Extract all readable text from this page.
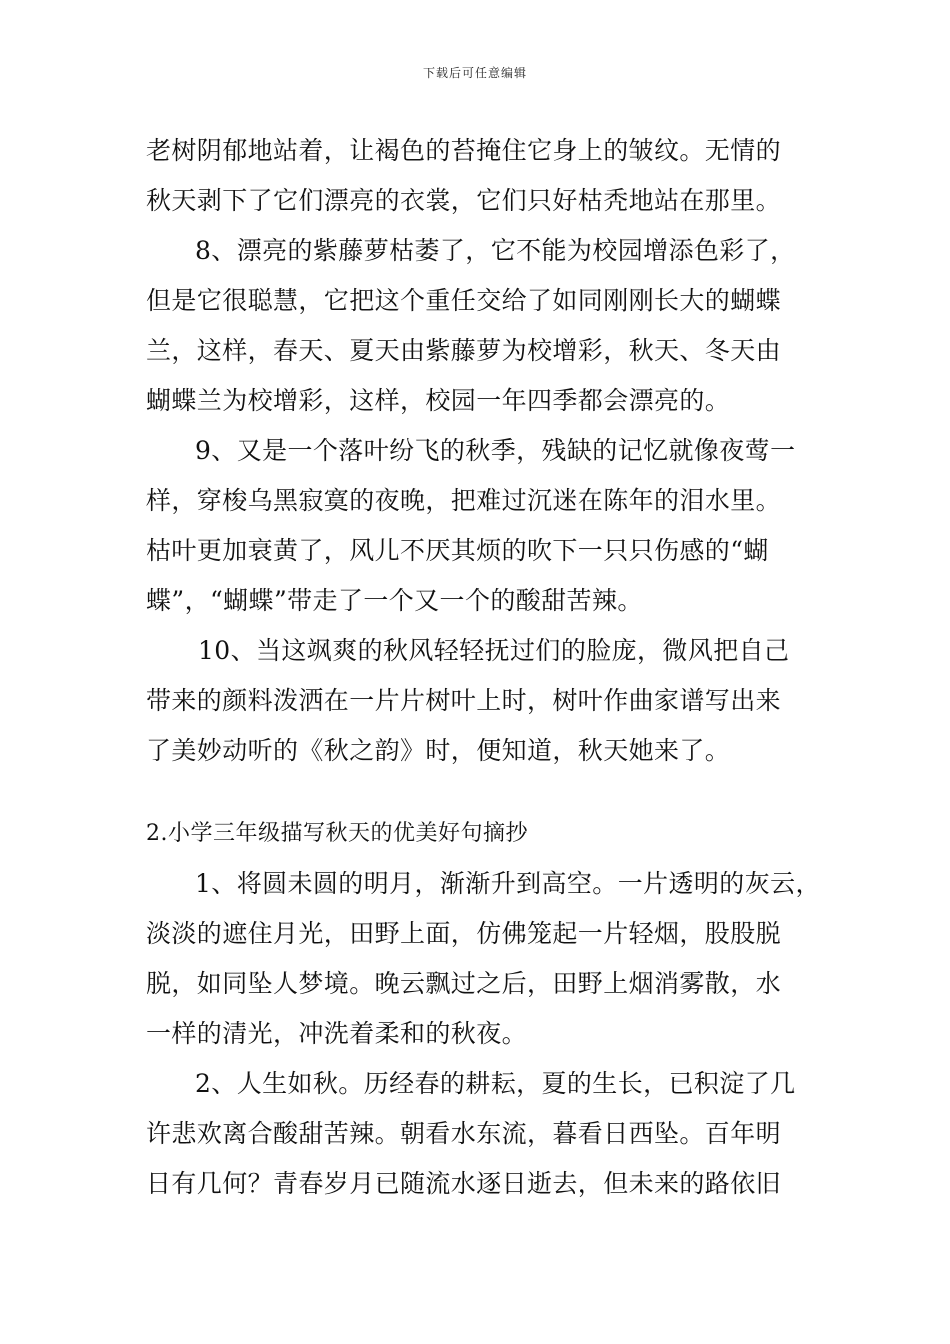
下载后可任意编辑
老树阴郁地站着，让褐色的苔掩住它身上的皱纹。无情的
秋天剥下了它们漂亮的衣裳，它们只好枯秃地站在那里。
8、漂亮的紫藤萝枯萎了，它不能为校园增添色彩了，
但是它很聪慧，它把这个重任交给了如同刚刚长大的蝴蝶
兰，这样，春天、夏天由紫藤萝为校增彩，秋天、冬天由
蝴蝶兰为校增彩，这样，校园一年四季都会漂亮的。
9、又是一个落叶纷飞的秋季，残缺的记忆就像夜莺一
样，穿梭乌黑寂寞的夜晚，把难过沉迷在陈年的泪水里。
枯叶更加衰黄了，风儿不厌其烦的吹下一只只伤感的“蝴
蝶”，“蝴蝶”带走了一个又一个的酸甜苦辣。
10、当这飒爽的秋风轻轻抚过们的脸庞，微风把自己
带来的颜料泼洒在一片片树叶上时，树叶作曲家谱写出来
了美妙动听的《秋之韵》时，便知道，秋天她来了。
2.小学三年级描写秋天的优美好句摘抄
1、将圆未圆的明月，渐渐升到高空。一片透明的灰云，
淡淡的遮住月光，田野上面，仿佛笼起一片轻烟，股股脱
脱，如同坠人梦境。晚云飘过之后，田野上烟消雾散，水
一样的清光，冲洗着柔和的秋夜。
2、人生如秋。历经春的耕耘，夏的生长，已积淀了几
许悲欢离合酸甜苦辣。朝看水东流，暮看日西坠。百年明
日有几何？青春岁月已随流水逐日逝去，但未来的路依旧
